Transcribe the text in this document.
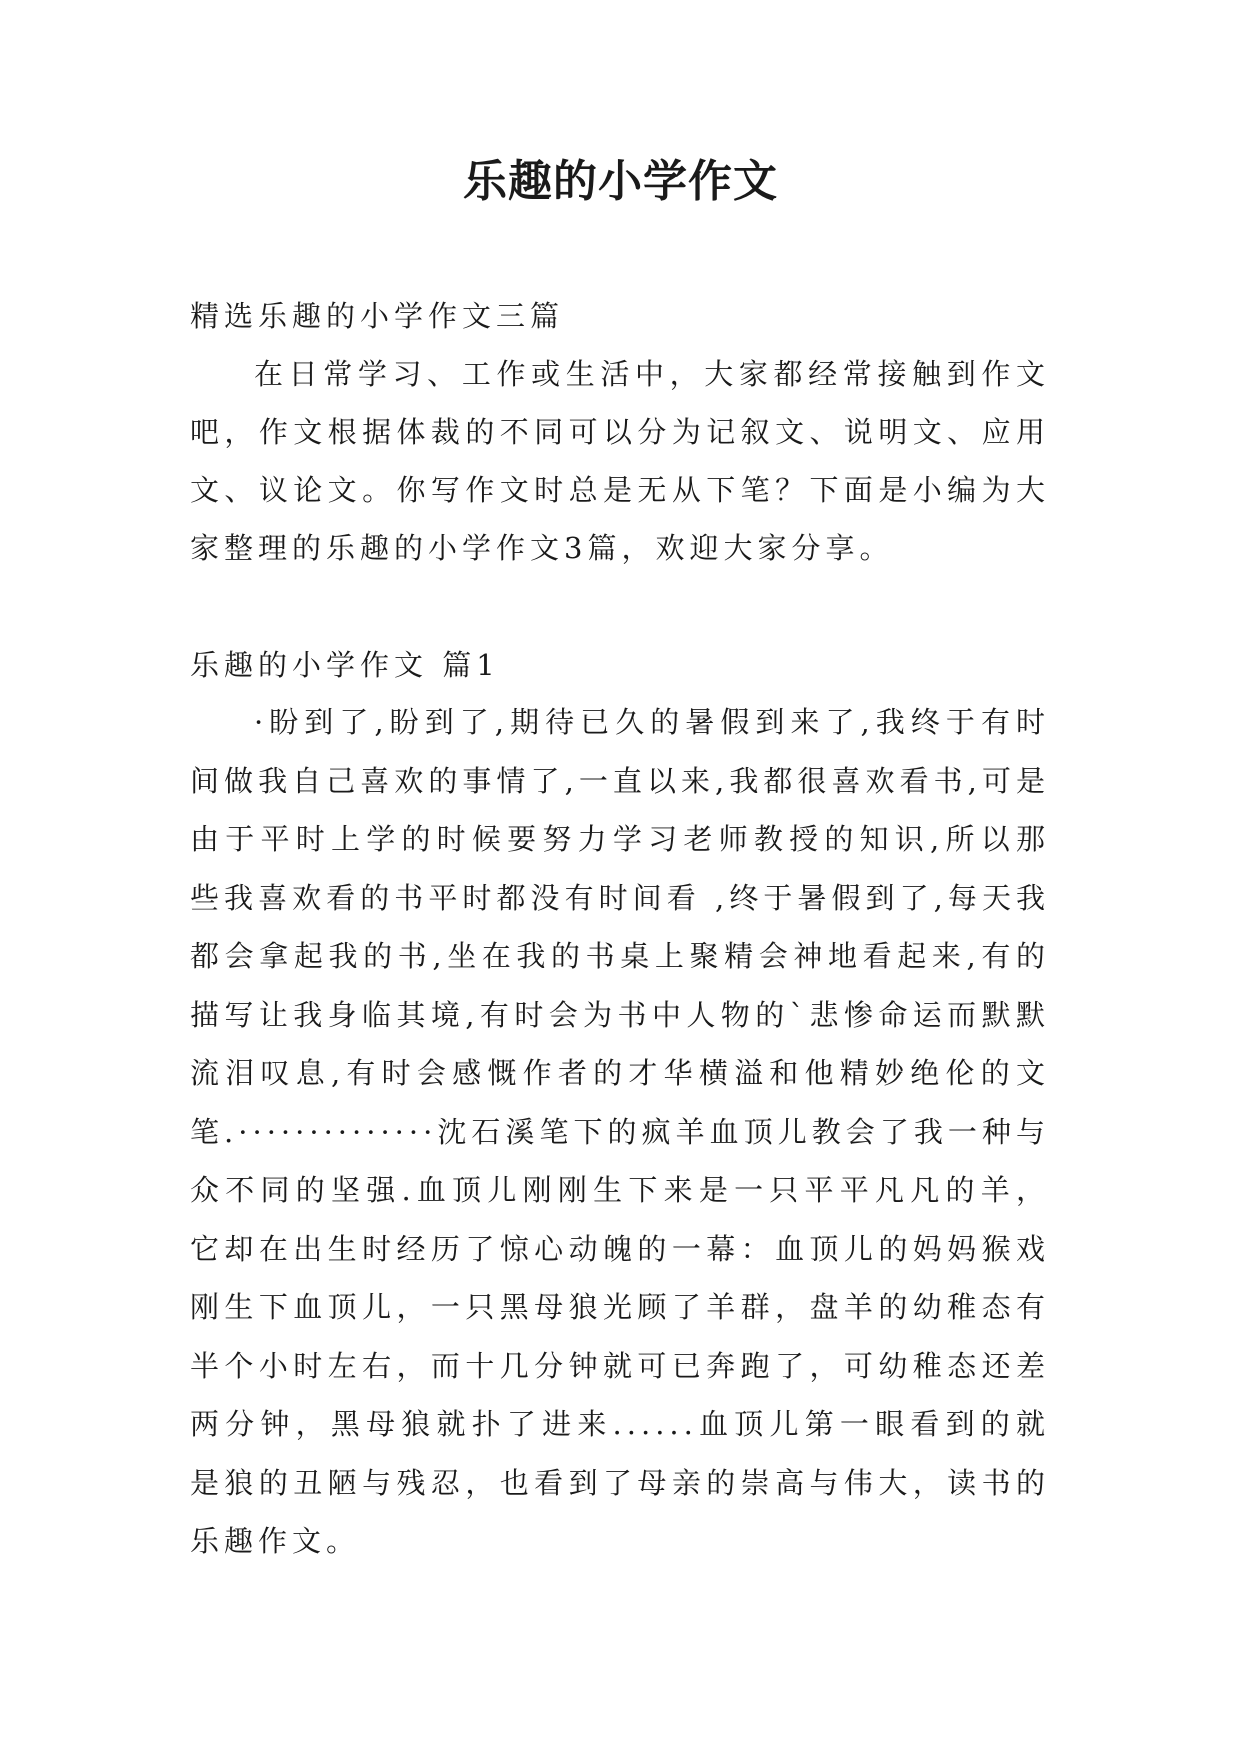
乐趣的小学作文

精选乐趣的小学作文三篇

在日常学习、工作或生活中，大家都经常接触到作文吧，作文根据体裁的不同可以分为记叙文、说明文、应用文、议论文。你写作文时总是无从下笔？下面是小编为大家整理的乐趣的小学作文3篇，欢迎大家分享。

乐趣的小学作文 篇1

·盼到了,盼到了,期待已久的暑假到来了,我终于有时间做我自己喜欢的事情了,一直以来,我都很喜欢看书,可是由于平时上学的时候要努力学习老师教授的知识,所以那些我喜欢看的书平时都没有时间看 ,终于暑假到了,每天我都会拿起我的书,坐在我的书桌上聚精会神地看起来,有的描写让我身临其境,有时会为书中人物的`悲惨命运而默默流泪叹息,有时会感慨作者的才华横溢和他精妙绝伦的文笔.··············沈石溪笔下的疯羊血顶儿教会了我一种与众不同的坚强.血顶儿刚刚生下来是一只平平凡凡的羊，它却在出生时经历了惊心动魄的一幕：血顶儿的妈妈猴戏刚生下血顶儿，一只黑母狼光顾了羊群，盘羊的幼稚态有半个小时左右，而十几分钟就可已奔跑了，可幼稚态还差两分钟，黑母狼就扑了进来......血顶儿第一眼看到的就是狼的丑陋与残忍，也看到了母亲的崇高与伟大，读书的乐趣作文。
